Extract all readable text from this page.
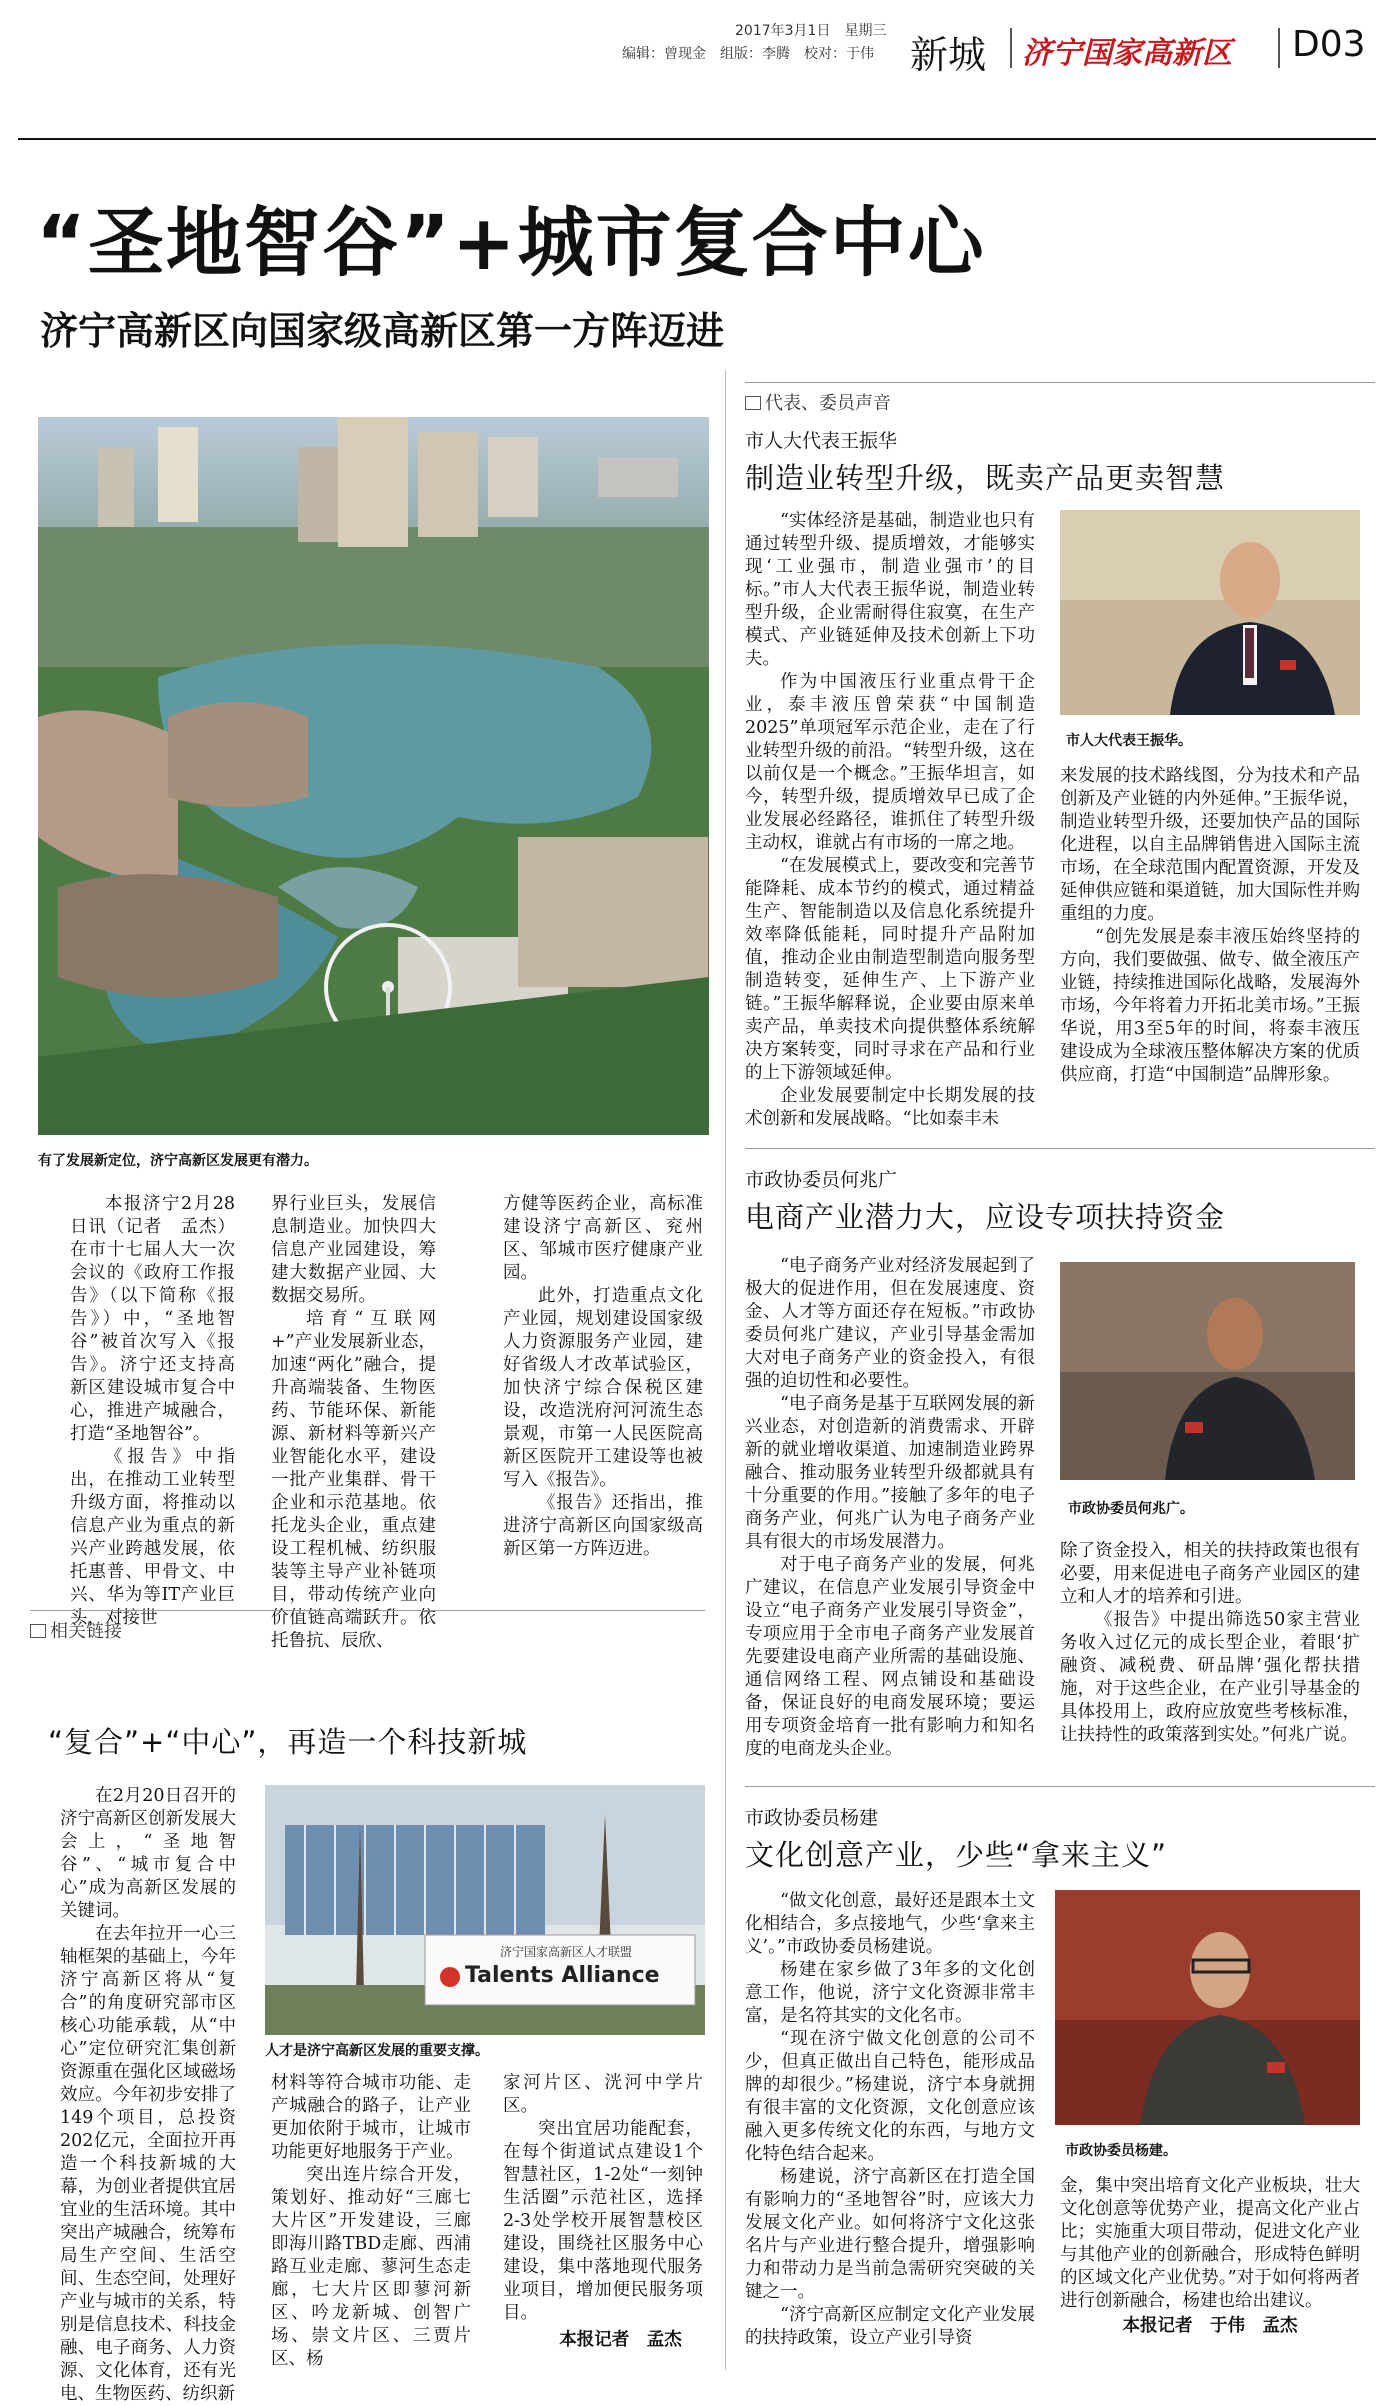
2017年3月1日　星期三
编辑：曾现金　组版：李腾　校对：于伟 新城 济宁国家高新区 D03
“圣地智谷”+城市复合中心
济宁高新区向国家级高新区第一方阵迈进
有了发展新定位，济宁高新区发展更有潜力。

本报济宁2月28日讯（记者　孟杰）在市十七届人大一次会议的《政府工作报告》（以下简称《报告》）中，“圣地智谷”被首次写入《报告》。济宁还支持高新区建设城市复合中心，推进产城融合，打造“圣地智谷”。

《报告》中指出，在推动工业转型升级方面，将推动以信息产业为重点的新兴产业跨越发展，依托惠普、甲骨文、中兴、华为等IT产业巨头，对接世

界行业巨头，发展信息制造业。加快四大信息产业园建设，筹建大数据产业园、大数据交易所。

培育“互联网+”产业发展新业态，加速“两化”融合，提升高端装备、生物医药、节能环保、新能源、新材料等新兴产业智能化水平，建设一批产业集群、骨干企业和示范基地。依托龙头企业，重点建设工程机械、纺织服装等主导产业补链项目，带动传统产业向价值链高端跃升。依托鲁抗、辰欣、

方健等医药企业，高标准建设济宁高新区、兖州区、邹城市医疗健康产业园。

此外，打造重点文化产业园，规划建设国家级人力资源服务产业园，建好省级人才改革试验区，加快济宁综合保税区建设，改造洸府河河流生态景观，市第一人民医院高新区医院开工建设等也被写入《报告》。

《报告》还指出，推进济宁高新区向国家级高新区第一方阵迈进。

相关链接
“复合”+“中心”，再造一个科技新城

在2月20日召开的济宁高新区创新发展大会上，“圣地智谷”、“城市复合中心”成为高新区发展的关键词。

在去年拉开一心三轴框架的基础上，今年济宁高新区将从“复合”的角度研究部市区核心功能承载，从“中心”定位研究汇集创新资源重在强化区域磁场效应。今年初步安排了149个项目，总投资202亿元，全面拉开再造一个科技新城的大幕，为创业者提供宜居宜业的生活环境。其中突出产城融合，统筹布局生产空间、生活空间、生态空间，处理好产业与城市的关系，特别是信息技术、科技金融、电子商务、人力资源、文化体育，还有光电、生物医药、纺织新

济宁国家高新区人才联盟
Talents Alliance
人才是济宁高新区发展的重要支撑。

材料等符合城市功能、走产城融合的路子，让产业更加依附于城市，让城市功能更好地服务于产业。

突出连片综合开发，策划好、推动好“三廊七大片区”开发建设，三廊即海川路TBD走廊、西浦路互业走廊、蓼河生态走廊，七大片区即蓼河新区、吟龙新城、创智广场、崇文片区、三贾片区、杨

家河片区、洸河中学片区。

突出宜居功能配套，在每个街道试点建设1个智慧社区，1-2处“一刻钟生活圈”示范社区，选择2-3处学校开展智慧校区建设，围绕社区服务中心建设，集中落地现代服务业项目，增加便民服务项目。

本报记者　孟杰

代表、委员声音
市人大代表王振华
制造业转型升级，既卖产品更卖智慧

“实体经济是基础，制造业也只有通过转型升级、提质增效，才能够实现‘工业强市，制造业强市’的目标。”市人大代表王振华说，制造业转型升级，企业需耐得住寂寞，在生产模式、产业链延伸及技术创新上下功夫。

作为中国液压行业重点骨干企业，泰丰液压曾荣获“中国制造2025”单项冠军示范企业，走在了行业转型升级的前沿。“转型升级，这在以前仅是一个概念。”王振华坦言，如今，转型升级，提质增效早已成了企业发展必经路径，谁抓住了转型升级主动权，谁就占有市场的一席之地。

“在发展模式上，要改变和完善节能降耗、成本节约的模式，通过精益生产、智能制造以及信息化系统提升效率降低能耗，同时提升产品附加值，推动企业由制造型制造向服务型制造转变，延伸生产、上下游产业链。”王振华解释说，企业要由原来单卖产品，单卖技术向提供整体系统解决方案转变，同时寻求在产品和行业的上下游领域延伸。

企业发展要制定中长期发展的技术创新和发展战略。“比如泰丰未

市人大代表王振华。

来发展的技术路线图，分为技术和产品创新及产业链的内外延伸。”王振华说，制造业转型升级，还要加快产品的国际化进程，以自主品牌销售进入国际主流市场，在全球范围内配置资源，开发及延伸供应链和渠道链，加大国际性并购重组的力度。

“创先发展是泰丰液压始终坚持的方向，我们要做强、做专、做全液压产业链，持续推进国际化战略，发展海外市场，今年将着力开拓北美市场。”王振华说，用3至5年的时间，将泰丰液压建设成为全球液压整体解决方案的优质供应商，打造“中国制造”品牌形象。

市政协委员何兆广
电商产业潜力大，应设专项扶持资金

“电子商务产业对经济发展起到了极大的促进作用，但在发展速度、资金、人才等方面还存在短板。”市政协委员何兆广建议，产业引导基金需加大对电子商务产业的资金投入，有很强的迫切性和必要性。

“电子商务是基于互联网发展的新兴业态，对创造新的消费需求、开辟新的就业增收渠道、加速制造业跨界融合、推动服务业转型升级都就具有十分重要的作用。”接触了多年的电子商务产业，何兆广认为电子商务产业具有很大的市场发展潜力。

对于电子商务产业的发展，何兆广建议，在信息产业发展引导资金中设立“电子商务产业发展引导资金”，专项应用于全市电子商务产业发展首先要建设电商产业所需的基础设施、通信网络工程、网点铺设和基础设备，保证良好的电商发展环境；要运用专项资金培育一批有影响力和知名度的电商龙头企业。

市政协委员何兆广。

除了资金投入，相关的扶持政策也很有必要，用来促进电子商务产业园区的建立和人才的培养和引进。

《报告》中提出筛选50家主营业务收入过亿元的成长型企业，着眼‘扩融资、减税费、研品牌’强化帮扶措施，对于这些企业，在产业引导基金的具体投用上，政府应放宽些考核标准，让扶持性的政策落到实处。”何兆广说。

市政协委员杨建
文化创意产业，少些“拿来主义”

“做文化创意，最好还是跟本土文化相结合，多点接地气，少些‘拿来主义’。”市政协委员杨建说。

杨建在家乡做了3年多的文化创意工作，他说，济宁文化资源非常丰富，是名符其实的文化名市。

“现在济宁做文化创意的公司不少，但真正做出自己特色，能形成品牌的却很少。”杨建说，济宁本身就拥有很丰富的文化资源，文化创意应该融入更多传统文化的东西，与地方文化特色结合起来。

杨建说，济宁高新区在打造全国有影响力的“圣地智谷”时，应该大力发展文化产业。如何将济宁文化这张名片与产业进行整合提升，增强影响力和带动力是当前急需研究突破的关键之一。

“济宁高新区应制定文化产业发展的扶持政策，设立产业引导资

市政协委员杨建。

金，集中突出培育文化产业板块，壮大文化创意等优势产业，提高文化产业占比；实施重大项目带动，促进文化产业与其他产业的创新融合，形成特色鲜明的区域文化产业优势。”对于如何将两者进行创新融合，杨建也给出建议。

本报记者　于伟　孟杰
